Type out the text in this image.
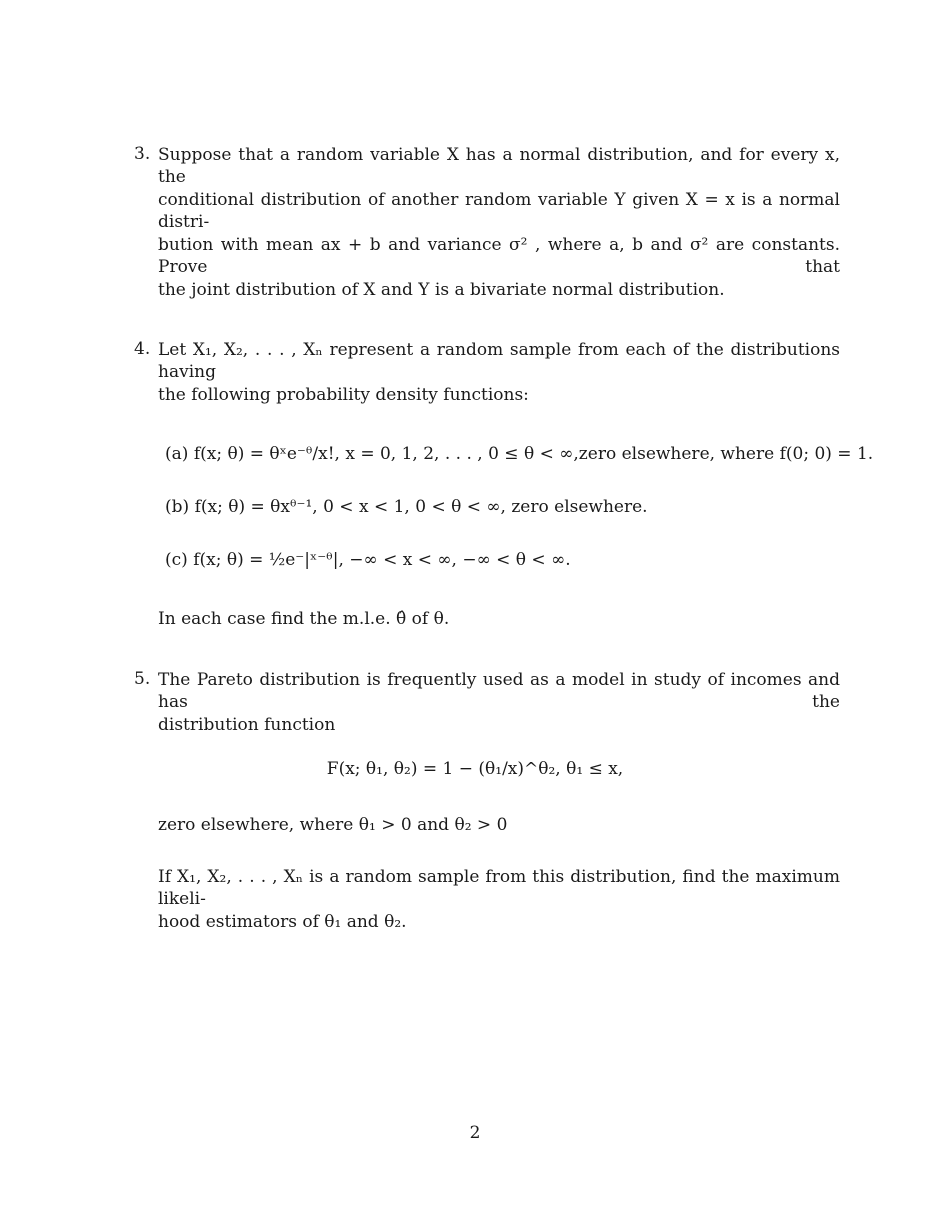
3. Suppose that a random variable X has a normal distribution, and for every x, the
conditional distribution of another random variable Y given X = x is a normal distri-
bution with mean ax + b and variance σ² , where a, b and σ² are constants. Prove that
the joint distribution of X and Y is a bivariate normal distribution.
4. Let X₁, X₂, . . . , Xₙ represent a random sample from each of the distributions having
the following probability density functions:
(a) f(x; θ) = θˣe⁻ᶿ/x!, x = 0, 1, 2, . . . , 0 ≤ θ < ∞,zero elsewhere, where f(0; 0) = 1.
(b) f(x; θ) = θxᶿ⁻¹, 0 < x < 1, 0 < θ < ∞, zero elsewhere.
(c) f(x; θ) = ½e⁻|ˣ⁻ᶿ|, −∞ < x < ∞, −∞ < θ < ∞.
In each case find the m.l.e. θ̂ of θ.
5. The Pareto distribution is frequently used as a model in study of incomes and has the
distribution function
F(x; θ₁, θ₂) = 1 − (θ₁/x)^θ₂, θ₁ ≤ x,
zero elsewhere, where θ₁ > 0 and θ₂ > 0
If X₁, X₂, . . . , Xₙ is a random sample from this distribution, find the maximum likeli-
hood estimators of θ₁ and θ₂.
2
